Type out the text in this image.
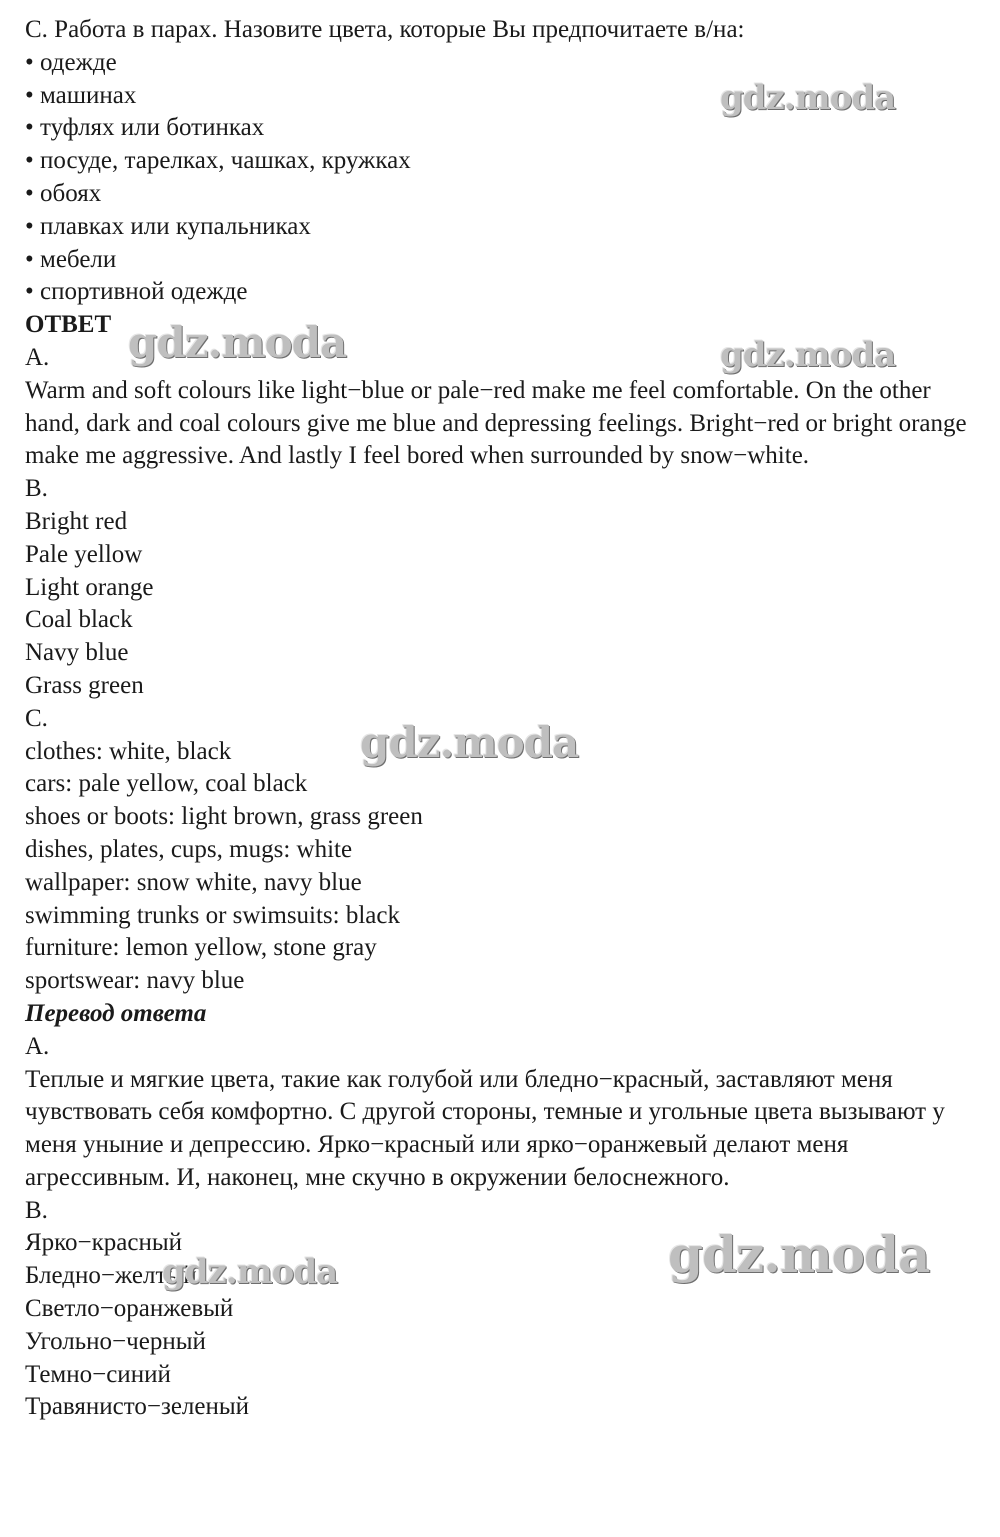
C. Работа в парах. Назовите цвета, которые Вы предпочитаете в/на:
• одежде
• машинах
• туфлях или ботинках
• посуде, тарелках, чашках, кружках
• обоях
• плавках или купальниках
• мебели
• спортивной одежде
ОТВЕТ
A.

Warm and soft colours like light−blue or pale−red make me feel comfortable. On the other hand, dark and coal colours give me blue and depressing feelings. Bright−red or bright orange make me aggressive. And lastly I feel bored when surrounded by snow−white.

B.
Bright red
Pale yellow
Light orange
Coal black
Navy blue
Grass green
C.
clothes: white, black
cars: pale yellow, coal black
shoes or boots: light brown, grass green
dishes, plates, cups, mugs: white
wallpaper: snow white, navy blue
swimming trunks or swimsuits: black
furniture: lemon yellow, stone gray
sportswear: navy blue
Перевод ответа
A.

Теплые и мягкие цвета, такие как голубой или бледно−красный, заставляют меня чувствовать себя комфортно. С другой стороны, темные и угольные цвета вызывают у меня уныние и депрессию. Ярко−красный или ярко−оранжевый делают меня агрессивным. И, наконец, мне скучно в окружении белоснежного.

B.
Ярко−красный
Бледно−желтый
Светло−оранжевый
Угольно−черный
Темно−синий
Травянисто−зеленый
gdz.moda
gdz.moda	gdz.moda
gdz.moda
gdz.moda
gdz.moda
